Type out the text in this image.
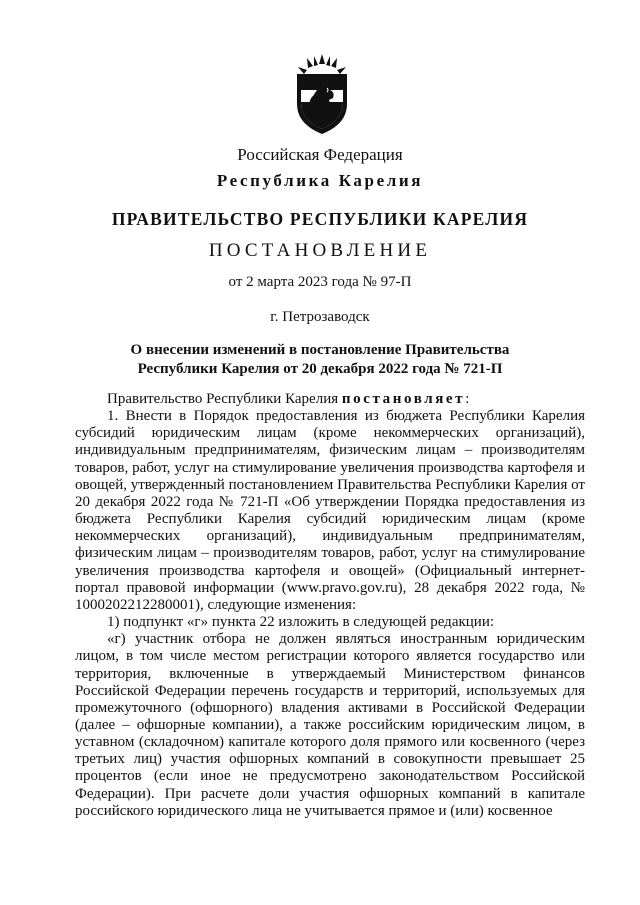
Российская Федерация
Республика Карелия
ПРАВИТЕЛЬСТВО РЕСПУБЛИКИ КАРЕЛИЯ
ПОСТАНОВЛЕНИЕ
от 2 марта 2023 года № 97-П
г. Петрозаводск
О внесении изменений в постановление Правительства
Республики Карелия от 20 декабря 2022 года № 721-П

Правительство Республики Карелия постановляет:

1. Внести в Порядок предоставления из бюджета Республики Карелия субсидий юридическим лицам (кроме некоммерческих организаций), индивидуальным предпринимателям, физическим лицам – производителям товаров, работ, услуг на стимулирование увеличения производства картофеля и овощей, утвержденный постановлением Правительства Республики Карелия от 20 декабря 2022 года № 721-П «Об утверждении Порядка предоставления из бюджета Республики Карелия субсидий юридическим лицам (кроме некоммерческих организаций), индивидуальным предпринимателям, физическим лицам – производителям товаров, работ, услуг на стимулирование увеличения производства картофеля и овощей» (Официальный интернет-портал правовой информации (www.pravo.gov.ru), 28 декабря 2022 года, № 1000202212280001), следующие изменения:

1) подпункт «г» пункта 22 изложить в следующей редакции:

«г) участник отбора не должен являться иностранным юридическим лицом, в том числе местом регистрации которого является государство или территория, включенные в утверждаемый Министерством финансов Российской Федерации перечень государств и территорий, используемых для промежуточного (офшорного) владения активами в Российской Федерации (далее – офшорные компании), а также российским юридическим лицом, в уставном (складочном) капитале которого доля прямого или косвенного (через третьих лиц) участия офшорных компаний в совокупности превышает 25 процентов (если иное не предусмотрено законодательством Российской Федерации). При расчете доли участия офшорных компаний в капитале российского юридического лица не учитывается прямое и (или) косвенное
